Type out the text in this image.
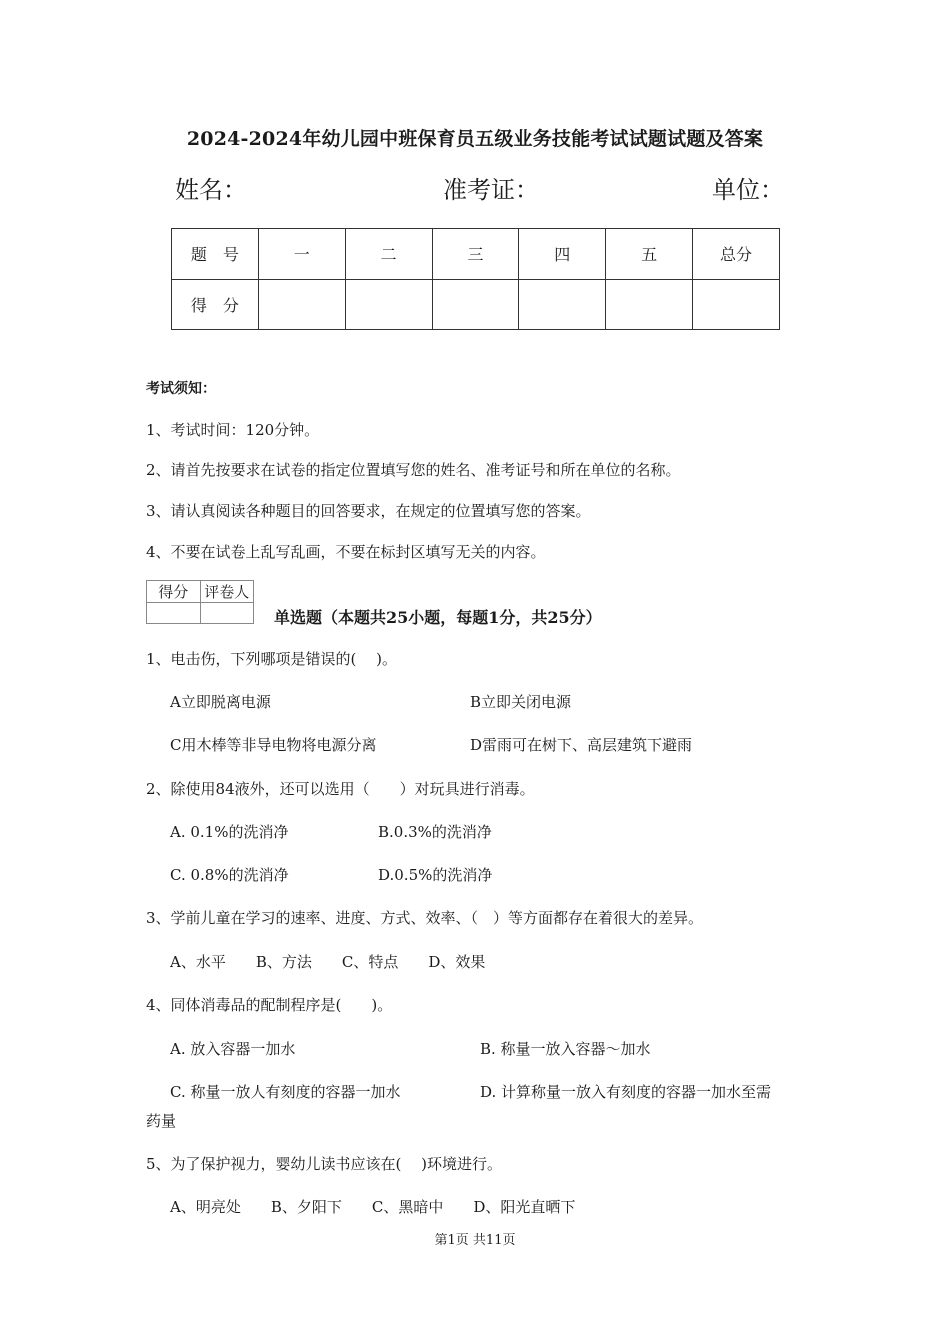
2024-2024年幼儿园中班保育员五级业务技能考试试题试题及答案
姓名：	准考证：	单位：
题　号	一	二	三	四	五	总分
得　分						
考试须知：
1、考试时间：120分钟。
2、请首先按要求在试卷的指定位置填写您的姓名、准考证号和所在单位的名称。
3、请认真阅读各种题目的回答要求，在规定的位置填写您的答案。
4、不要在试卷上乱写乱画，不要在标封区填写无关的内容。
得分	评卷人

单选题（本题共25小题，每题1分，共25分）
1、电击伤，下列哪项是错误的(　 )。
A立即脱离电源	B立即关闭电源
C用木棒等非导电物将电源分离	D雷雨可在树下、高层建筑下避雨
2、除使用84液外，还可以选用（　　）对玩具进行消毒。
A. 0.1%的洗消净	B.0.3%的洗消净
C. 0.8%的洗消净	D.0.5%的洗消净
3、学前儿童在学习的速率、进度、方式、效率、（　）等方面都存在着很大的差异。
A、水平　　B、方法　　C、特点　　D、效果
4、同体消毒品的配制程序是(　　)。
A. 放入容器一加水	B. 称量一放入容器～加水
C. 称量一放人有刻度的容器一加水	D. 计算称量一放入有刻度的容器一加水至需
药量
5、为了保护视力，婴幼儿读书应该在(　 )环境进行。
A、明亮处　　B、夕阳下　　C、黑暗中　　D、阳光直晒下
第1页 共11页
